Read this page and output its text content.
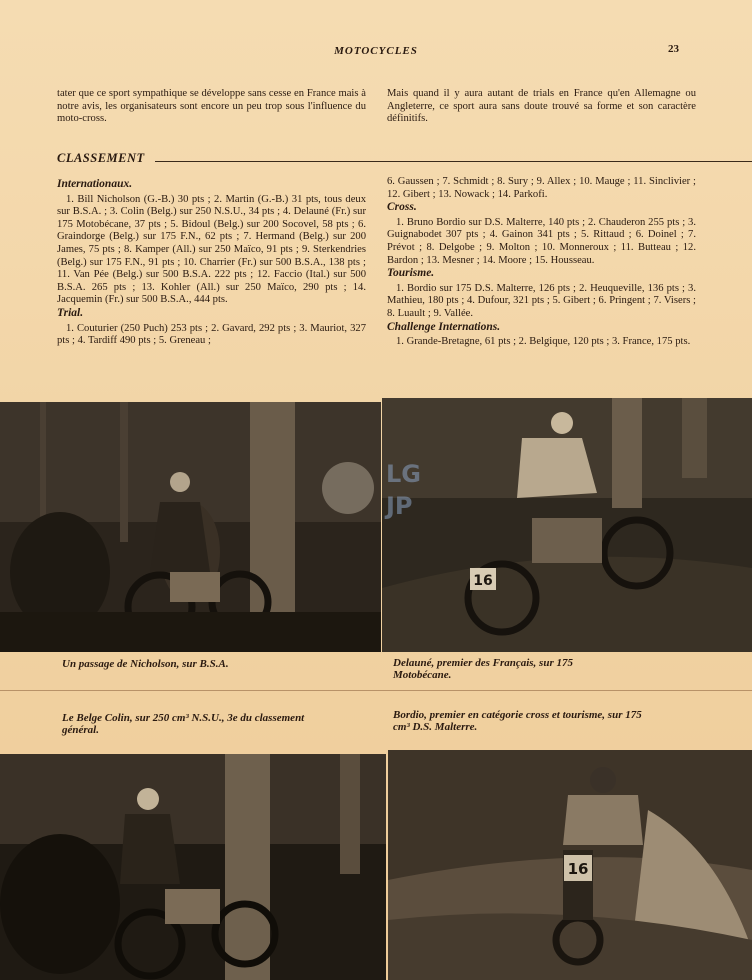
MOTOCYCLES	23

tater que ce sport sympathique se développe sans cesse en France mais à notre avis, les organisateurs sont encore un peu trop sous l'influence du moto-cross.

Mais quand il y aura autant de trials en France qu'en Allemagne ou Angleterre, ce sport aura sans doute trouvé sa forme et son caractère définitifs.

CLASSEMENT
Internationaux.

1. Bill Nicholson (G.-B.) 30 pts ; 2. Martin (G.-B.) 31 pts, tous deux sur B.S.A. ; 3. Colin (Belg.) sur 250 N.S.U., 34 pts ; 4. Delauné (Fr.) sur 175 Motobécane, 37 pts ; 5. Bidoul (Belg.) sur 200 Socovel, 58 pts ; 6. Graindorge (Belg.) sur 175 F.N., 62 pts ; 7. Hermand (Belg.) sur 200 James, 75 pts ; 8. Kamper (All.) sur 250 Maïco, 91 pts ; 9. Sterkendries (Belg.) sur 175 F.N., 91 pts ; 10. Charrier (Fr.) sur 500 B.S.A., 138 pts ; 11. Van Pée (Belg.) sur 500 B.S.A. 222 pts ; 12. Faccio (Ital.) sur 500 B.S.A. 265 pts ; 13. Kohler (All.) sur 250 Maïco, 290 pts ; 14. Jacquemin (Fr.) sur 500 B.S.A., 444 pts.

Trial.

1. Couturier (250 Puch) 253 pts ; 2. Gavard, 292 pts ; 3. Mauriot, 327 pts ; 4. Tardiff 490 pts ; 5. Greneau ;

6. Gaussen ; 7. Schmidt ; 8. Sury ; 9. Allex ; 10. Mauge ; 11. Sinclivier ; 12. Gibert ; 13. Nowack ; 14. Parkofi.

Cross.

1. Bruno Bordio sur D.S. Malterre, 140 pts ; 2. Chauderon 255 pts ; 3. Guignabodet 307 pts ; 4. Gainon 341 pts ; 5. Rittaud ; 6. Doinel ; 7. Prévot ; 8. Delgobe ; 9. Molton ; 10. Monneroux ; 11. Butteau ; 12. Bardon ; 13. Mesner ; 14. Moore ; 15. Housseau.

Tourisme.

1. Bordio sur 175 D.S. Malterre, 126 pts ; 2. Heuqueville, 136 pts ; 3. Mathieu, 180 pts ; 4. Dufour, 321 pts ; 5. Gibert ; 6. Pringent ; 7. Visers ; 8. Luault ; 9. Vallée.

Challenge Internations.

1. Grande-Bretagne, 61 pts ; 2. Belgique, 120 pts ; 3. France, 175 pts.

16
LG
JP
Un passage de Nicholson, sur B.S.A.	Delauné, premier des Français, sur 175 Motobécane.
Le Belge Colin, sur 250 cm³ N.S.U., 3e du classement général.
Bordio, premier en catégorie cross et tourisme, sur 175 cm³ D.S. Malterre.
16
